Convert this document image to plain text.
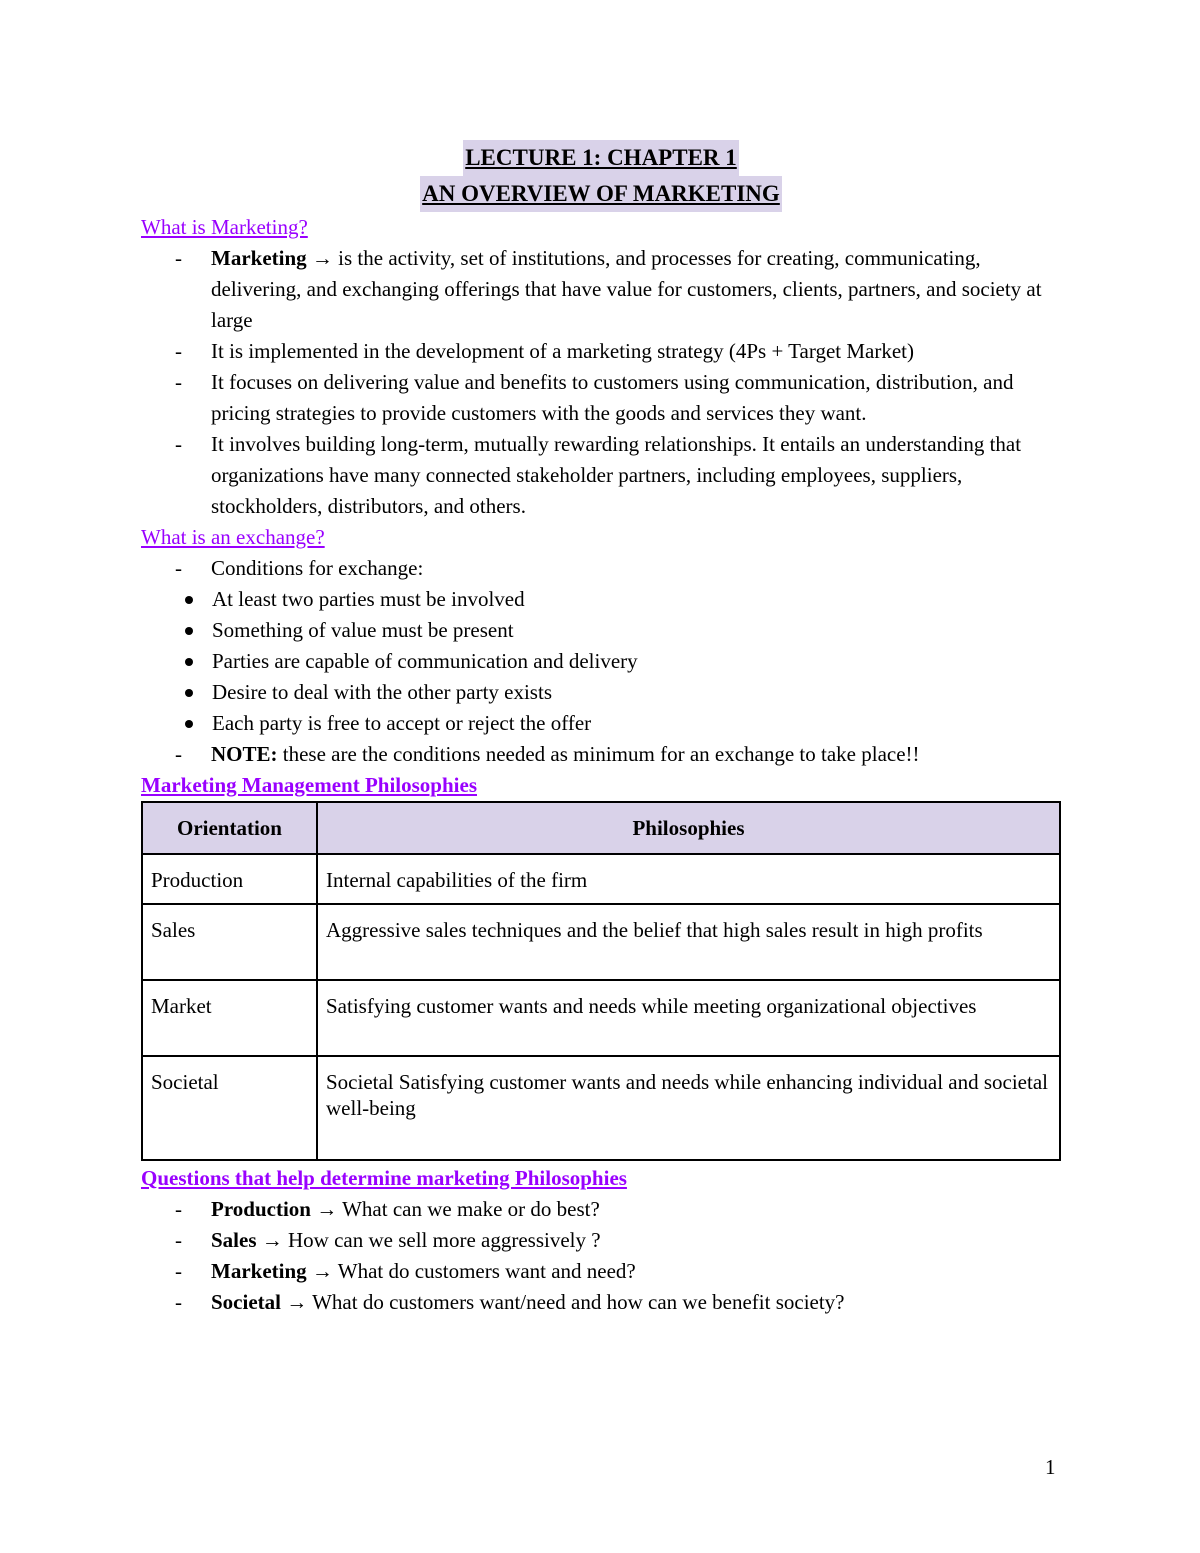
LECTURE 1: CHAPTER 1
AN OVERVIEW OF MARKETING
What is Marketing?
- Marketing → is the activity, set of institutions, and processes for creating, communicating, delivering, and exchanging offerings that have value for customers, clients, partners, and society at large
- It is implemented in the development of a marketing strategy (4Ps + Target Market)
- It focuses on delivering value and benefits to customers using communication, distribution, and pricing strategies to provide customers with the goods and services they want.
- It involves building long-term, mutually rewarding relationships. It entails an understanding that organizations have many connected stakeholder partners, including employees, suppliers, stockholders, distributors, and others.
What is an exchange?
- Conditions for exchange:
At least two parties must be involved
Something of value must be present
Parties are capable of communication and delivery
Desire to deal with the other party exists
Each party is free to accept or reject the offer
- NOTE: these are the conditions needed as minimum for an exchange to take place!!
Marketing Management Philosophies
Orientation	Philosophies
Production	Internal capabilities of the firm
Sales	Aggressive sales techniques and the belief that high sales result in high profits
Market	Satisfying customer wants and needs while meeting organizational objectives
Societal	Societal Satisfying customer wants and needs while enhancing individual and societal well-being
Questions that help determine marketing Philosophies
- Production → What can we make or do best?
- Sales → How can we sell more aggressively ?
- Marketing → What do customers want and need?
- Societal → What do customers want/need and how can we benefit society?
1
